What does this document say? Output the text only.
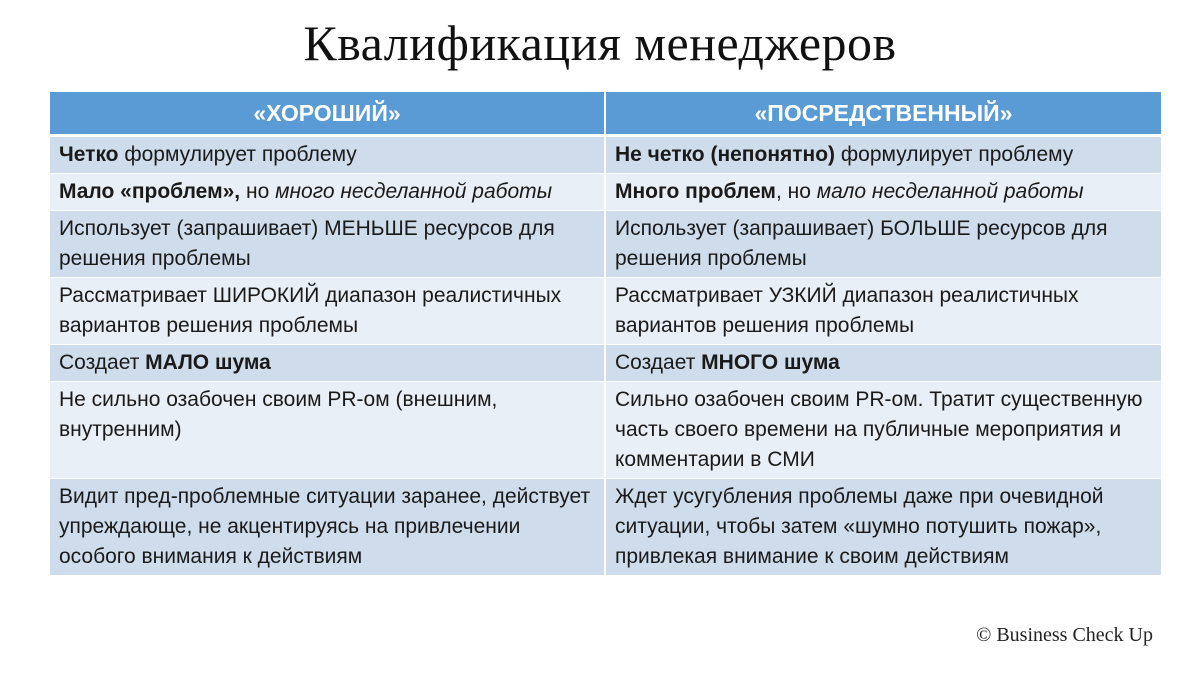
Квалификация менеджеров
«ХОРОШИЙ»	«ПОСРЕДСТВЕННЫЙ»
Четко формулирует проблему	Не четко (непонятно) формулирует проблему
Мало «проблем», но много несделанной работы	Много проблем, но мало несделанной работы
Использует (запрашивает) МЕНЬШЕ ресурсов для решения проблемы	Использует (запрашивает) БОЛЬШЕ ресурсов для решения проблемы
Рассматривает ШИРОКИЙ диапазон реалистичных вариантов решения проблемы	Рассматривает УЗКИЙ диапазон реалистичных вариантов решения проблемы
Создает МАЛО шума	Создает МНОГО шума
Не сильно озабочен своим PR-ом (внешним, внутренним)	Сильно озабочен своим PR-ом. Тратит существенную часть своего времени на публичные мероприятия и комментарии в СМИ
Видит пред-проблемные ситуации заранее, действует упреждающе, не акцентируясь на привлечении особого внимания к действиям	Ждет усугубления проблемы даже при очевидной ситуации, чтобы затем «шумно потушить пожар», привлекая внимание к своим действиям
© Business Check Up
